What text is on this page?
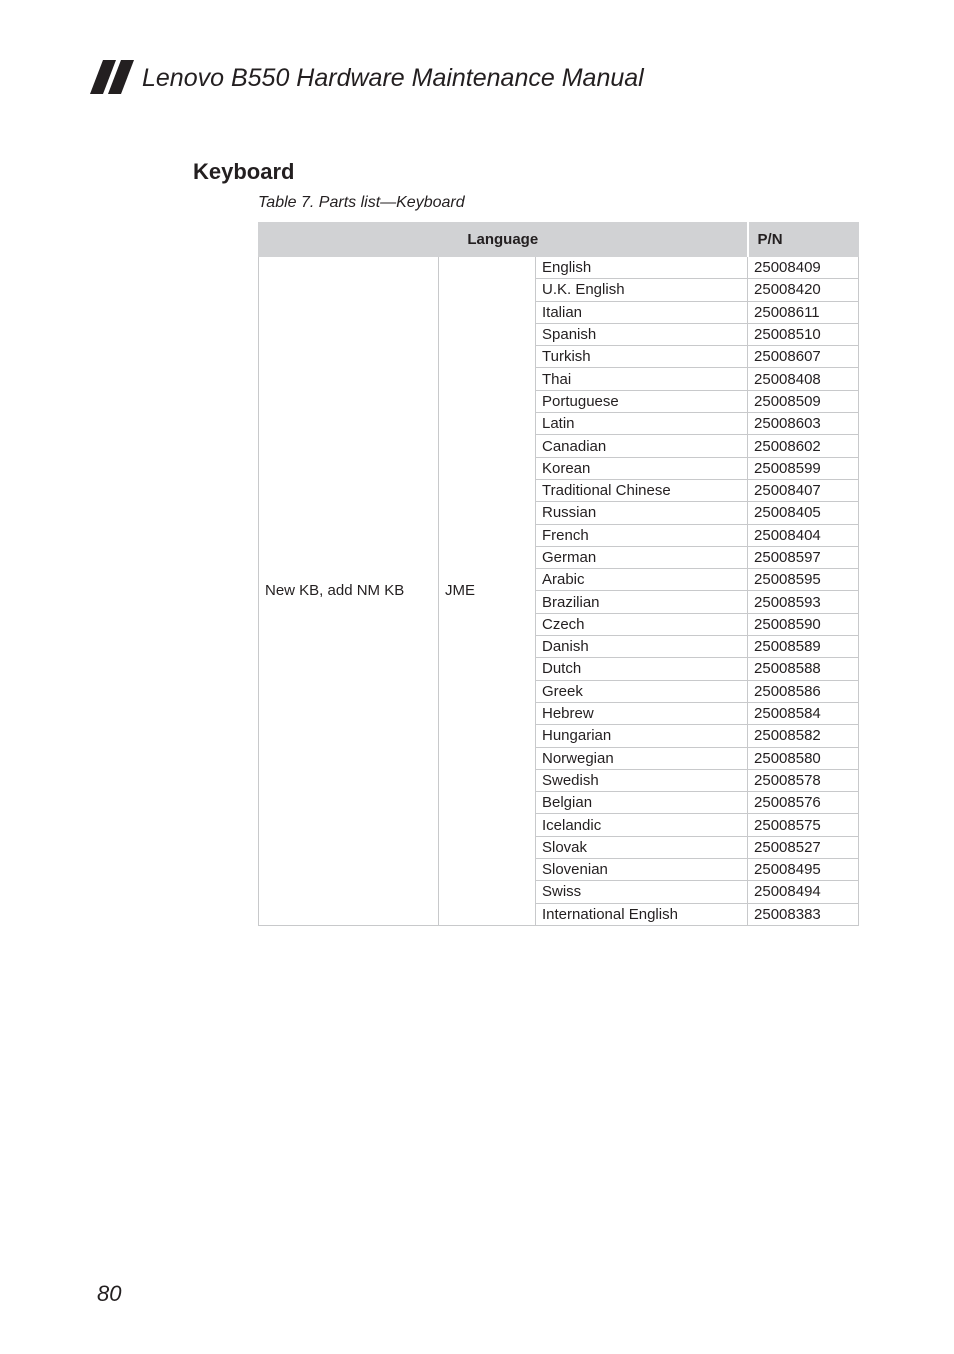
Lenovo B550 Hardware Maintenance Manual
Keyboard
Table 7. Parts list—Keyboard
Language			P/N
New KB, add NM KB	JME	English	25008409
		U.K. English	25008420
		Italian	25008611
		Spanish	25008510
		Turkish	25008607
		Thai	25008408
		Portuguese	25008509
		Latin	25008603
		Canadian	25008602
		Korean	25008599
		Traditional Chinese	25008407
		Russian	25008405
		French	25008404
		German	25008597
		Arabic	25008595
		Brazilian	25008593
		Czech	25008590
		Danish	25008589
		Dutch	25008588
		Greek	25008586
		Hebrew	25008584
		Hungarian	25008582
		Norwegian	25008580
		Swedish	25008578
		Belgian	25008576
		Icelandic	25008575
		Slovak	25008527
		Slovenian	25008495
		Swiss	25008494
		International English	25008383
80
